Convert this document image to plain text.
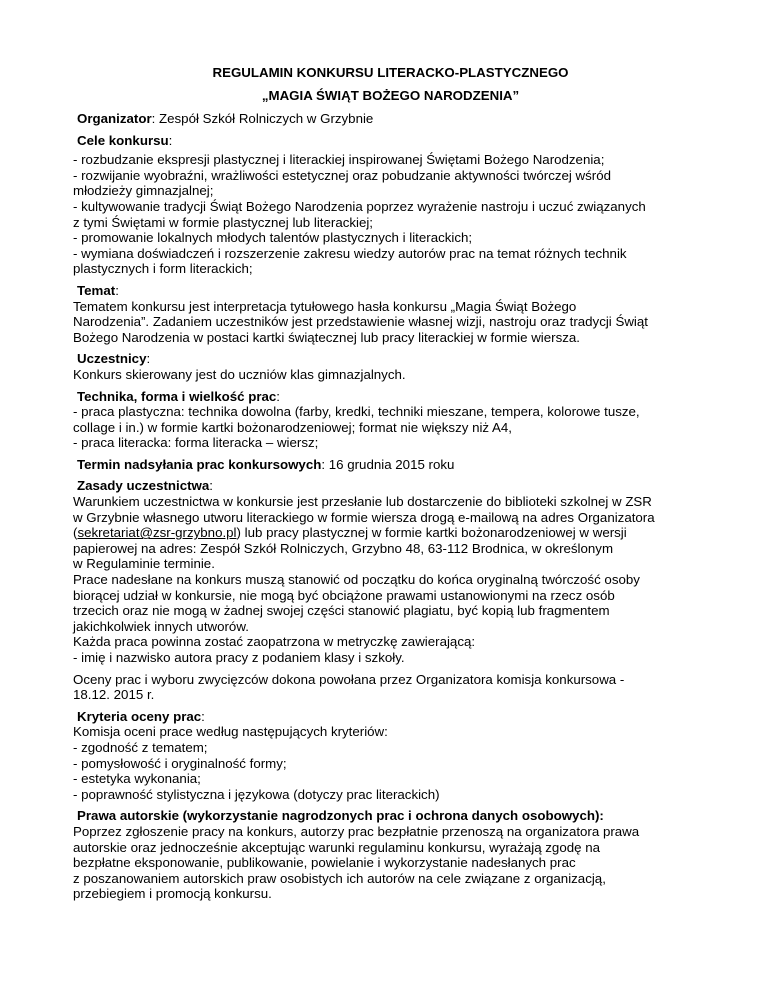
REGULAMIN KONKURSU LITERACKO-PLASTYCZNEGO

„MAGIA ŚWIĄT BOŻEGO NARODZENIA”

Organizator: Zespół Szkół Rolniczych w Grzybnie
Cele konkursu:
- rozbudzanie ekspresji plastycznej i literackiej inspirowanej Świętami Bożego Narodzenia;
- rozwijanie wyobraźni, wrażliwości estetycznej oraz pobudzanie aktywności twórczej wśród
młodzieży gimnazjalnej;
- kultywowanie tradycji Świąt Bożego Narodzenia poprzez wyrażenie nastroju i uczuć związanych
z tymi Świętami w formie plastycznej lub literackiej;
- promowanie lokalnych młodych talentów plastycznych i literackich;
- wymiana doświadczeń i rozszerzenie zakresu wiedzy autorów prac na temat różnych technik
plastycznych i form literackich;
Temat:
Tematem konkursu jest interpretacja tytułowego hasła konkursu „Magia Świąt Bożego
Narodzenia”. Zadaniem uczestników jest przedstawienie własnej wizji, nastroju oraz tradycji Świąt
Bożego Narodzenia w postaci kartki świątecznej lub pracy literackiej w formie wiersza.
Uczestnicy:
Konkurs skierowany jest do uczniów klas gimnazjalnych.
Technika, forma i wielkość prac:
- praca plastyczna: technika dowolna (farby, kredki, techniki mieszane, tempera, kolorowe tusze,
collage i in.) w formie kartki bożonarodzeniowej; format nie większy niż A4,
- praca literacka: forma literacka – wiersz;
Termin nadsyłania prac konkursowych: 16 grudnia 2015 roku
Zasady uczestnictwa:
Warunkiem uczestnictwa w konkursie jest przesłanie lub dostarczenie do biblioteki szkolnej w ZSR
w Grzybnie własnego utworu literackiego w formie wiersza drogą e-mailową na adres Organizatora
(sekretariat@zsr-grzybno.pl) lub pracy plastycznej w formie kartki bożonarodzeniowej w wersji
papierowej na adres: Zespół Szkół Rolniczych, Grzybno 48, 63-112 Brodnica, w określonym
w Regulaminie terminie.
Prace nadesłane na konkurs muszą stanowić od początku do końca oryginalną twórczość osoby
biorącej udział w konkursie, nie mogą być obciążone prawami ustanowionymi na rzecz osób
trzecich oraz nie mogą w żadnej swojej części stanowić plagiatu, być kopią lub fragmentem
jakichkolwiek innych utworów.
Każda praca powinna zostać zaopatrzona w metryczkę zawierającą:
- imię i nazwisko autora pracy z podaniem klasy i szkoły.
Oceny prac i wyboru zwycięzców dokona powołana przez Organizatora komisja konkursowa -
18.12. 2015 r.
Kryteria oceny prac:
Komisja oceni prace według następujących kryteriów:
- zgodność z tematem;
- pomysłowość i oryginalność formy;
- estetyka wykonania;
- poprawność stylistyczna i językowa (dotyczy prac literackich)
Prawa autorskie (wykorzystanie nagrodzonych prac i ochrona danych osobowych):
Poprzez zgłoszenie pracy na konkurs, autorzy prac bezpłatnie przenoszą na organizatora prawa
autorskie oraz jednocześnie akceptując warunki regulaminu konkursu, wyrażają zgodę na
bezpłatne eksponowanie, publikowanie, powielanie i wykorzystanie nadesłanych prac
z poszanowaniem autorskich praw osobistych ich autorów na cele związane z organizacją,
przebiegiem i promocją konkursu.
